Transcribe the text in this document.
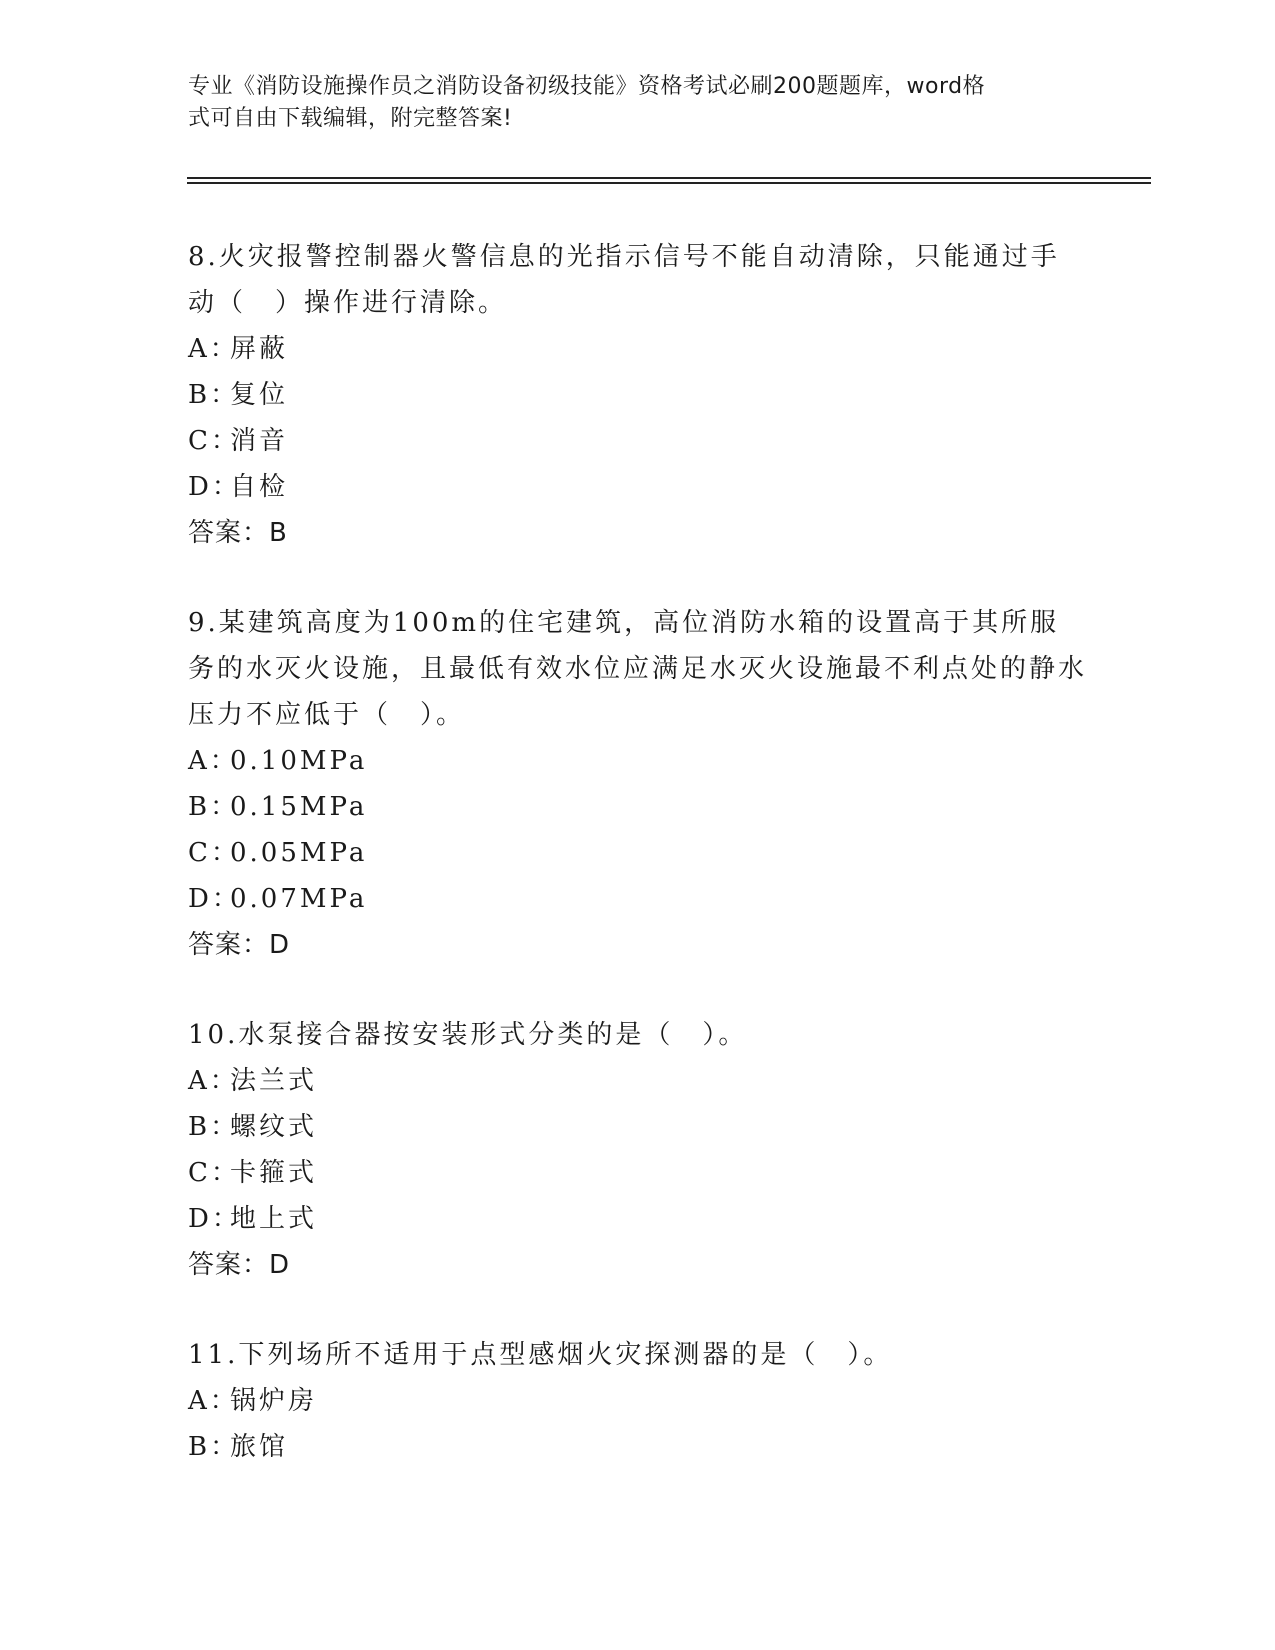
专业《消防设施操作员之消防设备初级技能》资格考试必刷200题题库，word格
式可自由下载编辑，附完整答案!

8.火灾报警控制器火警信息的光指示信号不能自动清除，只能通过手动（　）操作进行清除。

A：屏蔽

B：复位

C：消音

D：自检

答案：B

9.某建筑高度为100m的住宅建筑，高位消防水箱的设置高于其所服务的水灭火设施，且最低有效水位应满足水灭火设施最不利点处的静水压力不应低于（　）。

A：0.10MPa

B：0.15MPa

C：0.05MPa

D：0.07MPa

答案：D

10.水泵接合器按安装形式分类的是（　）。

A：法兰式

B：螺纹式

C：卡箍式

D：地上式

答案：D

11.下列场所不适用于点型感烟火灾探测器的是（　）。

A：锅炉房

B：旅馆
